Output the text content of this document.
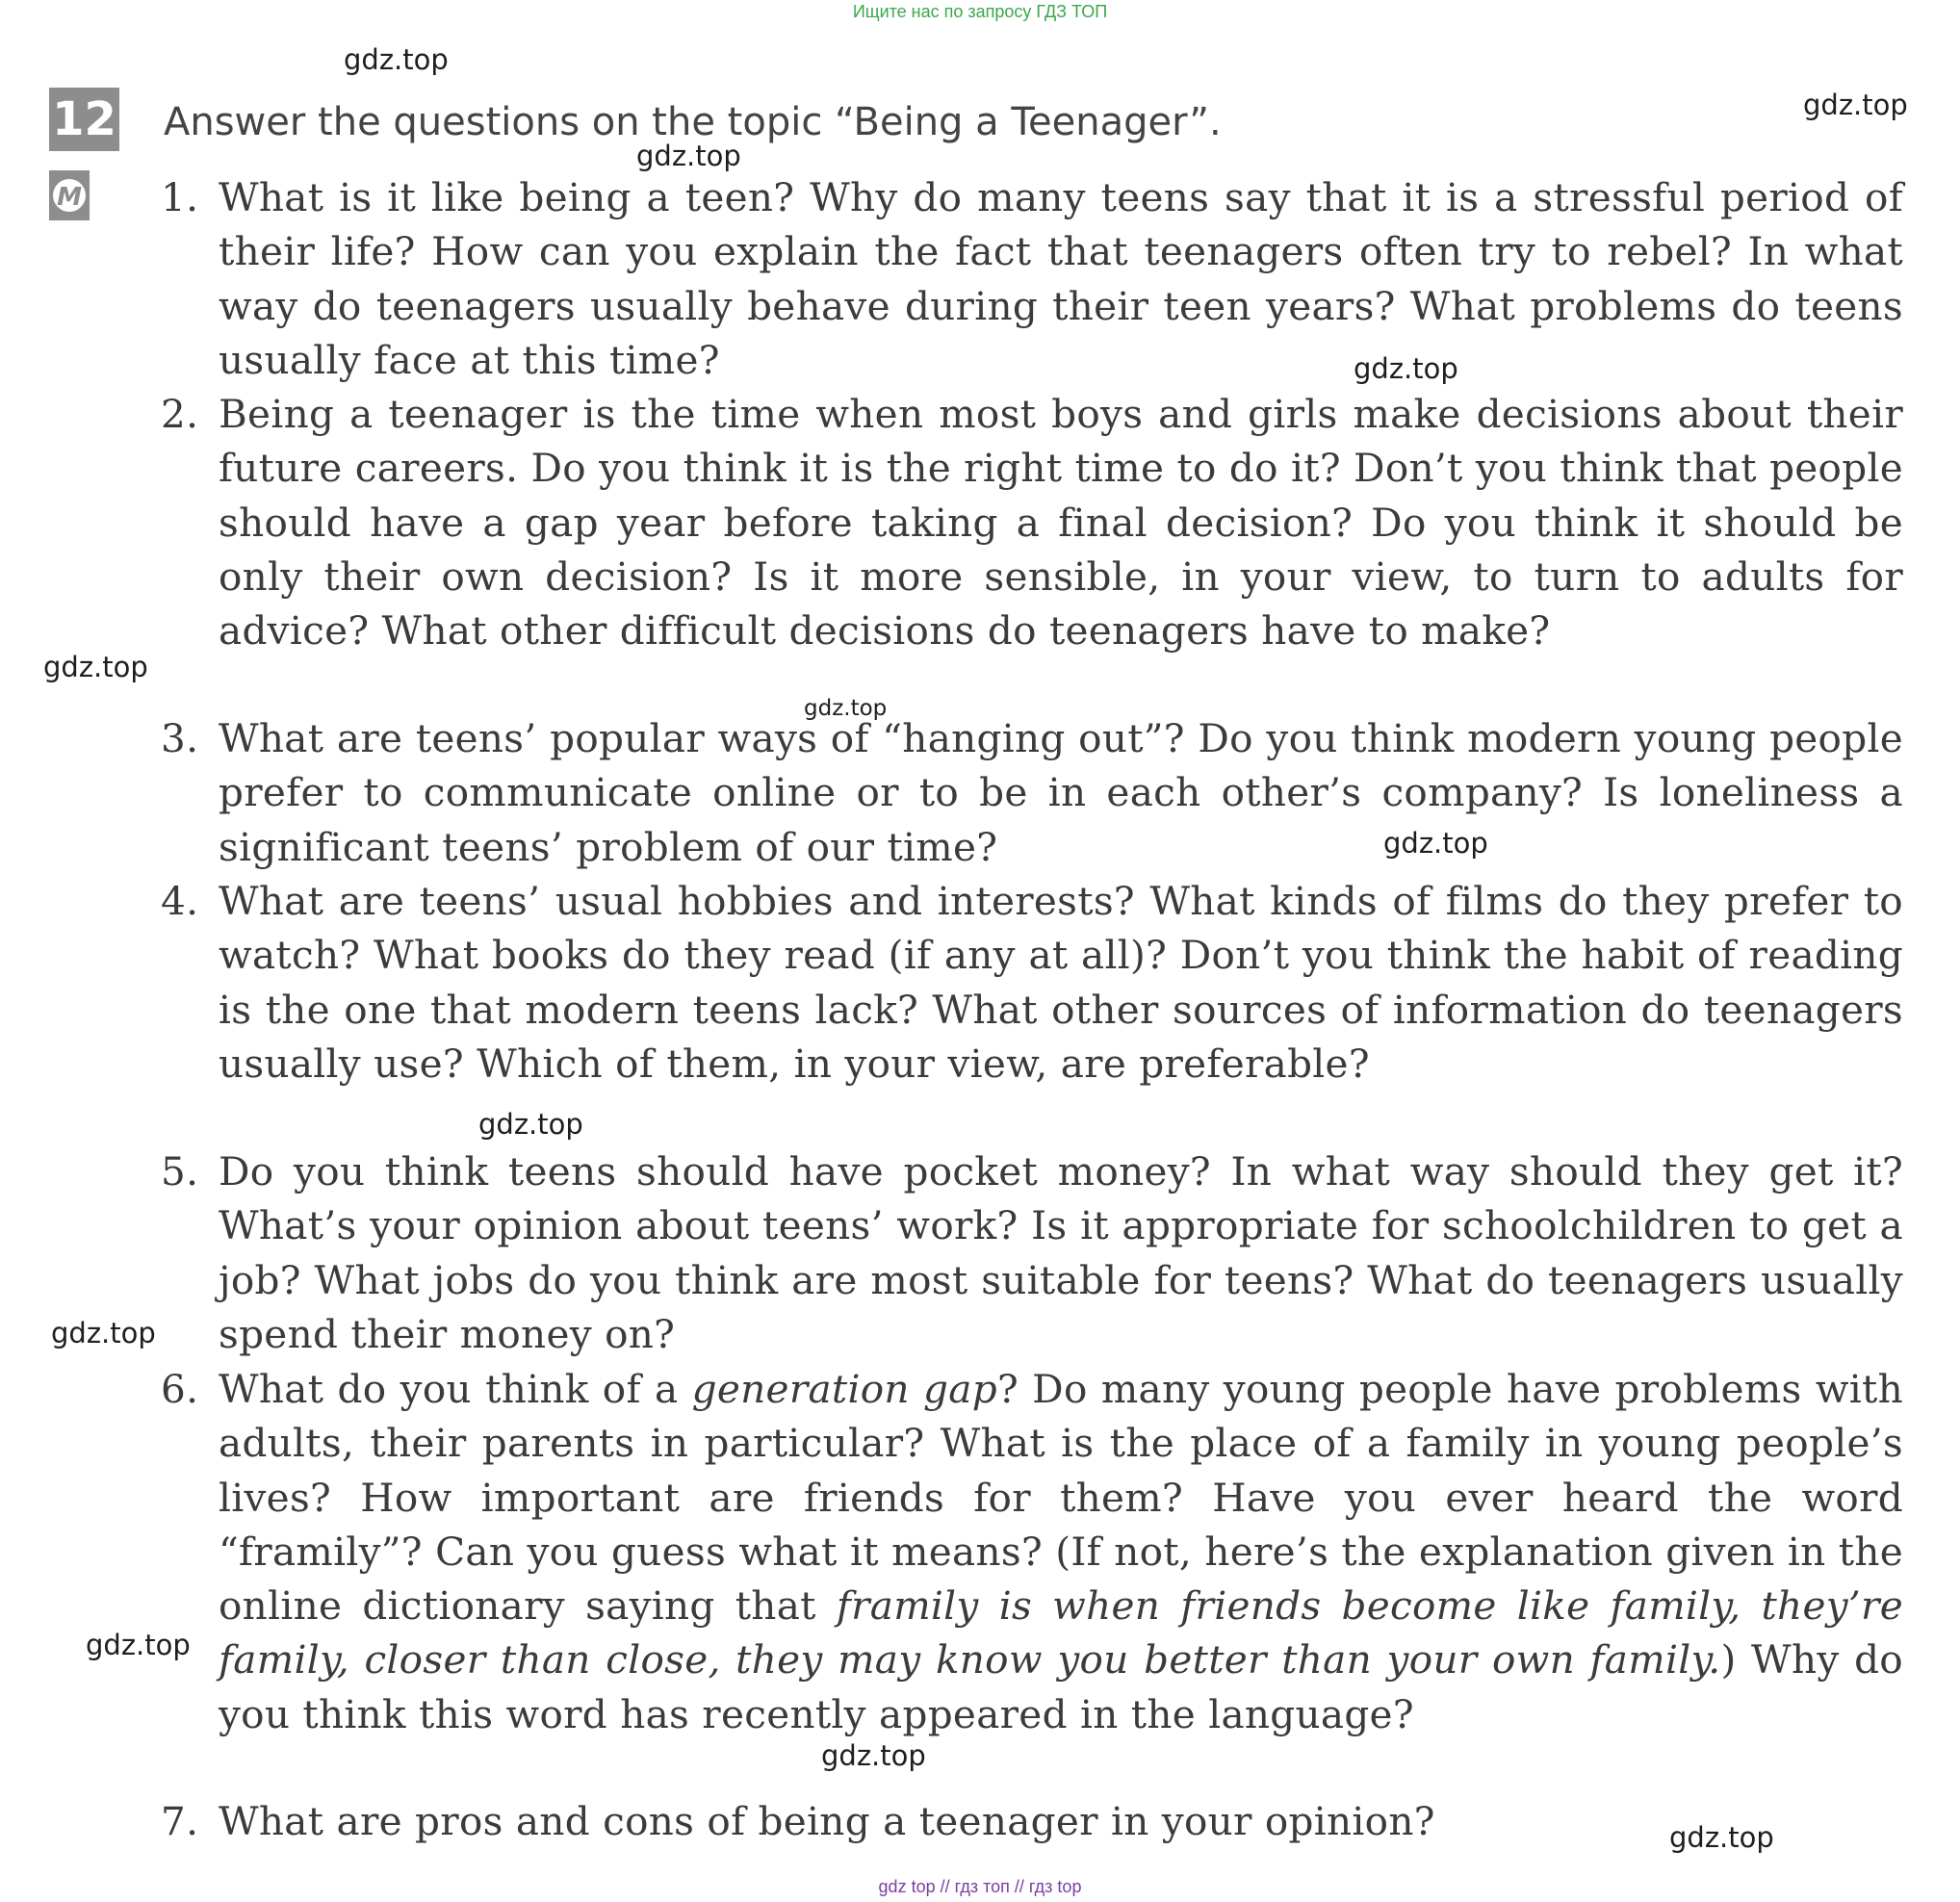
Ищите нас по запросу ГДЗ ТОП
gdz.top
gdz.top
gdz.top
gdz.top
gdz.top
gdz.top
gdz.top
gdz.top
gdz.top
gdz.top
gdz.top
gdz.top
12
M
Answer the questions on the topic “Being a Teenager”.
1. What is it like being a teen? Why do many teens say that it is a stressful period of their life? How can you explain the fact that teenagers often try to rebel? In what way do teenagers usually behave during their teen years? What problems do teens usually face at this time?
2. Being a teenager is the time when most boys and girls make decisions about their future careers. Do you think it is the right time to do it? Don’t you think that people should have a gap year before taking a final decision? Do you think it should be only their own decision? Is it more sensible, in your view, to turn to adults for advice? What other difficult decisions do teenagers have to make?
3. What are teens’ popular ways of “hanging out”? Do you think modern young people prefer to communicate online or to be in each other’s company? Is loneliness a significant teens’ problem of our time?
4. What are teens’ usual hobbies and interests? What kinds of films do they prefer to watch? What books do they read (if any at all)? Don’t you think the habit of reading is the one that modern teens lack? What other sources of information do teenagers usually use? Which of them, in your view, are preferable?
5. Do you think teens should have pocket money? In what way should they get it? What’s your opinion about teens’ work? Is it appropriate for schoolchildren to get a job? What jobs do you think are most suitable for teens? What do teenagers usually spend their money on?
6. What do you think of a generation gap? Do many young people have problems with adults, their parents in particular? What is the place of a family in young people’s lives? How important are friends for them? Have you ever heard the word “framily”? Can you guess what it means? (If not, here’s the explanation given in the online dictionary saying that framily is when friends become like family, they’re family, closer than close, they may know you better than your own family.) Why do you think this word has recently appeared in the language?
7. What are pros and cons of being a teenager in your opinion?
gdz top // гдз топ // гдз top
